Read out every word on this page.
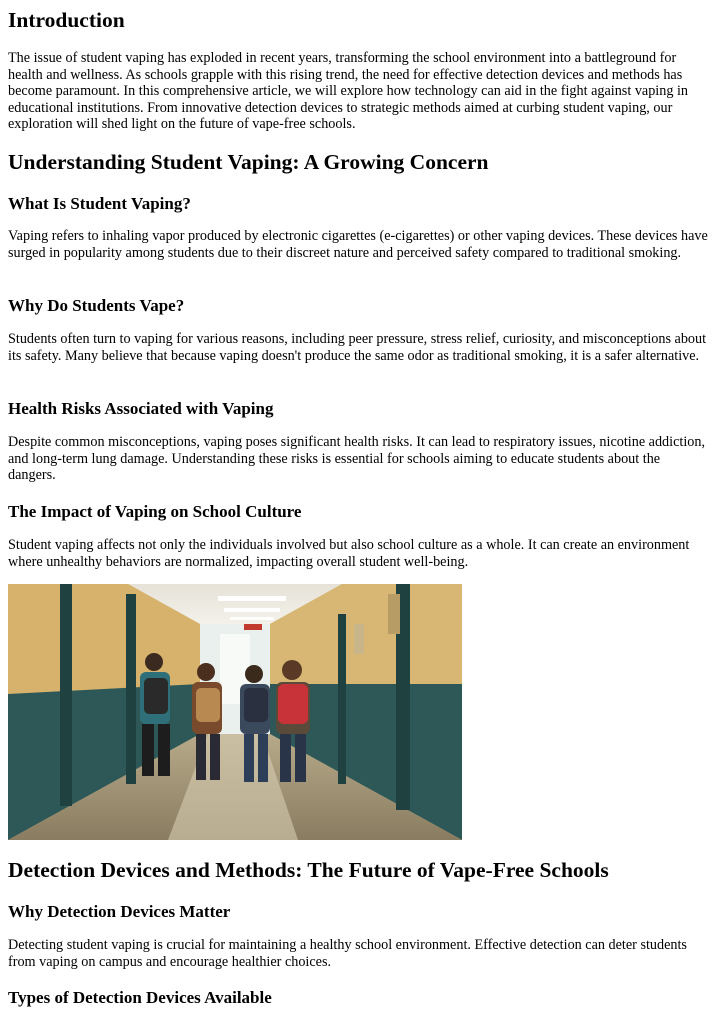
Introduction

The issue of student vaping has exploded in recent years, transforming the school environment into a battleground for health and wellness. As schools grapple with this rising trend, the need for effective detection devices and methods has become paramount. In this comprehensive article, we will explore how technology can aid in the fight against vaping in educational institutions. From innovative detection devices to strategic methods aimed at curbing student vaping, our exploration will shed light on the future of vape-free schools.

Understanding Student Vaping: A Growing Concern
What Is Student Vaping?

Vaping refers to inhaling vapor produced by electronic cigarettes (e-cigarettes) or other vaping devices. These devices have surged in popularity among students due to their discreet nature and perceived safety compared to traditional smoking.

Why Do Students Vape?

Students often turn to vaping for various reasons, including peer pressure, stress relief, curiosity, and misconceptions about its safety. Many believe that because vaping doesn't produce the same odor as traditional smoking, it is a safer alternative.

Health Risks Associated with Vaping

Despite common misconceptions, vaping poses significant health risks. It can lead to respiratory issues, nicotine addiction, and long-term lung damage. Understanding these risks is essential for schools aiming to educate students about the dangers.

The Impact of Vaping on School Culture

Student vaping affects not only the individuals involved but also school culture as a whole. It can create an environment where unhealthy behaviors are normalized, impacting overall student well-being.

Detection Devices and Methods: The Future of Vape-Free Schools
Why Detection Devices Matter

Detecting student vaping is crucial for maintaining a healthy school environment. Effective detection can deter students from vaping on campus and encourage healthier choices.

Types of Detection Devices Available
